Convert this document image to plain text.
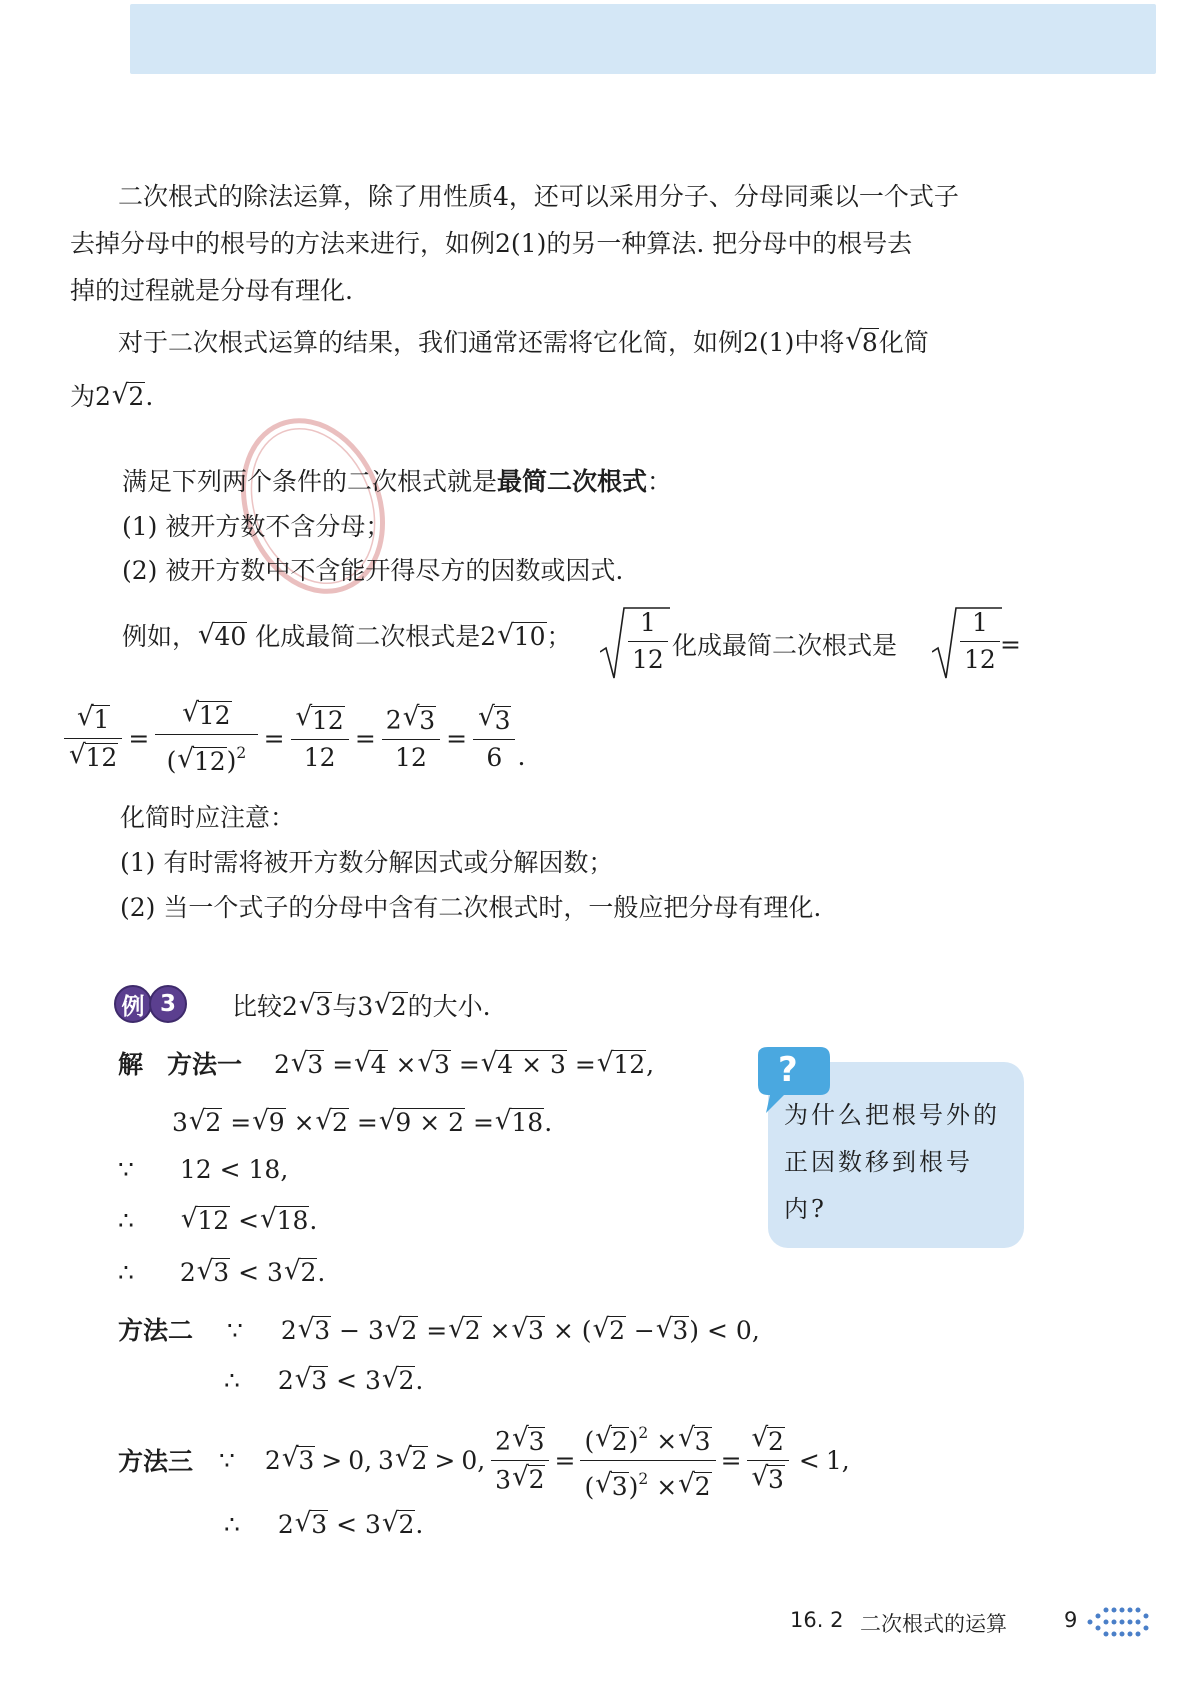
二次根式的除法运算，除了用性质4，还可以采用分子、分母同乘以一个式子
去掉分母中的根号的方法来进行，如例2(1)的另一种算法. 把分母中的根号去
掉的过程就是分母有理化.
对于二次根式运算的结果，我们通常还需将它化简，如例2(1)中将 √ 8化简
为2 √ 2.
满足下列两个条件的二次根式就是最简二次根式：
(1) 被开方数不含分母；
(2) 被开方数中不含能开得尽方的因数或因式.
例如， √ 40 化成最简二次根式是2 √ 10； $\frac{1}{12}$ 化成最简二次根式是	$\frac{1}{12}$ =
√ 1
√ 12 = √ $\frac{12}{( √ 12)^2}$ = √ $\frac{12}{12} = \frac{2 √ 3}{12}$ = √ $\frac{3}{6}$ .
化简时应注意：
(1) 有时需将被开方数分解因式或分解因数；
(2) 当一个式子的分母中含有二次根式时，一般应把分母有理化.
例 3	比较2 √ 3与3 √ 2的大小.
解 方法一 2 √ 3 = √ 4 × √ 3 = √ 4 × 3 = √ 12,
3 √ 2 = √ 9 × √ 2 = √ 9 × 2 = √ 18.
∵ 12 < 18,
∴	√ 12 < √ 18.
∴ 2 √ 3 < 3 √ 2.
方法二 ∵ 2 √ 3 − 3 √ 2 = √ 2 × √ 3 × ( √ 2 − √ 3) < 0,
∴ 2 √ 3 < 3 √ 2.
方法三 ∵ 2 √ 3 > 0 , 3 √ 2 > 0 , $\frac{2 √ 3}{3 √ 2} = \frac{( √ 2)^2 \times √ 3}{( √ 3)^2 \times √ 2}$ = √ 2
√ 3 < 1 ,
∴ 2 √ 3 < 3 √ 2.
?
为什么把根号外的正因数移到根号内?
16. 2 二次根式的运算	9
